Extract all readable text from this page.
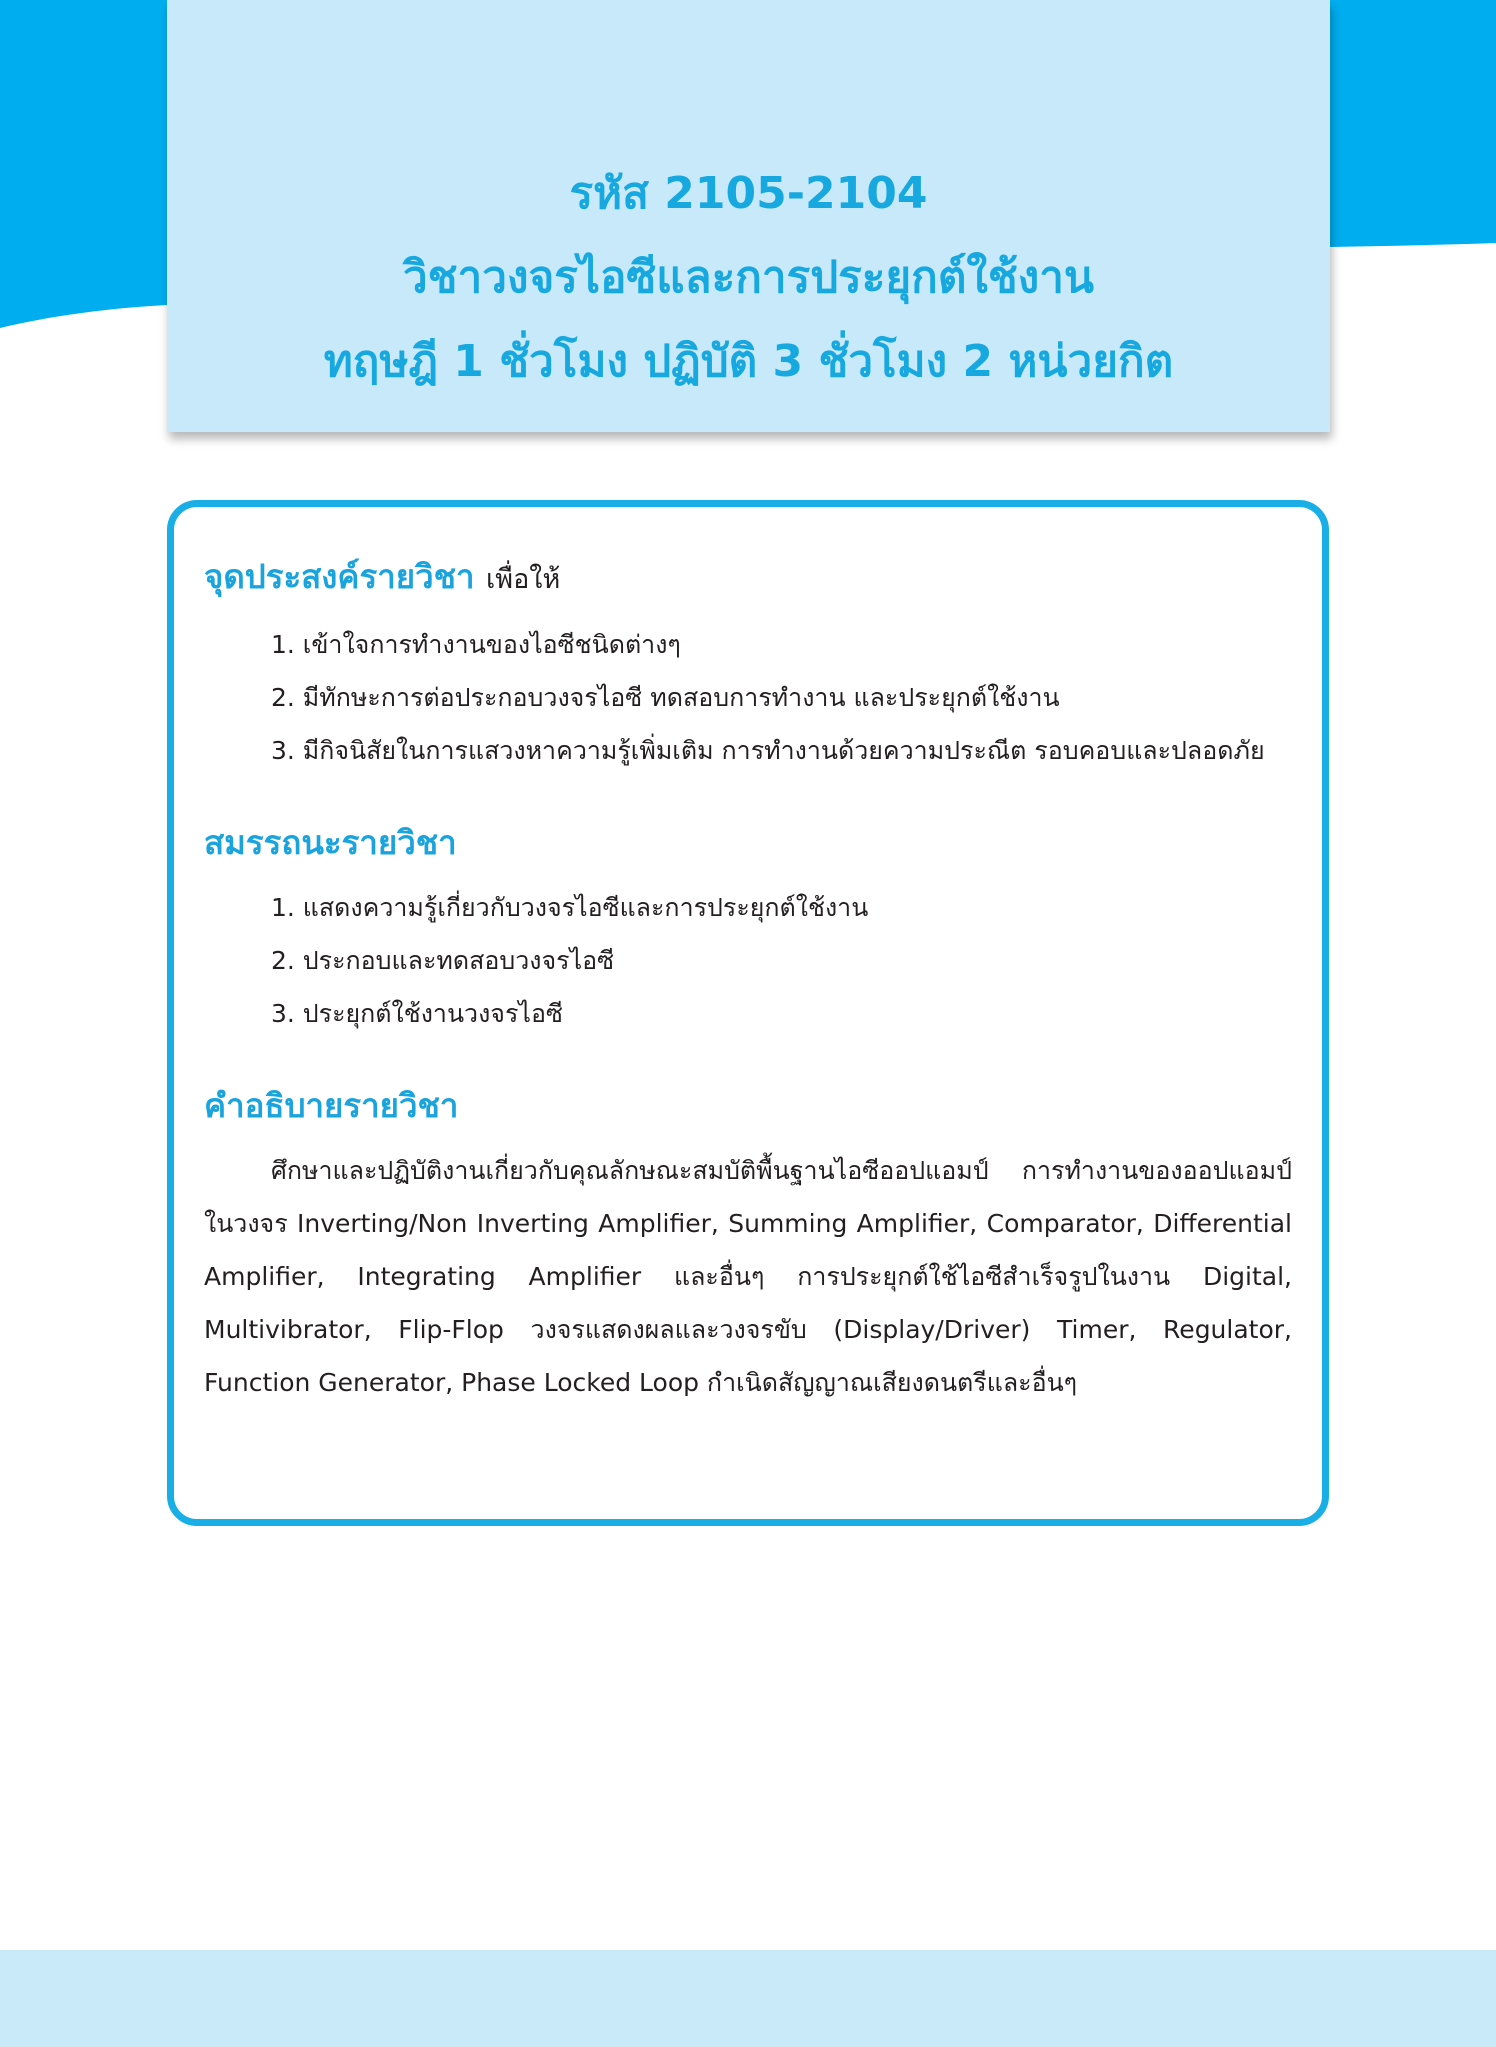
รหัส 2105-2104
วิชาวงจรไอซีและการประยุกต์ใช้งาน
ทฤษฎี 1 ชั่วโมง ปฏิบัติ 3 ชั่วโมง 2 หน่วยกิต
จุดประสงค์รายวิชา เพื่อให้
1. เข้าใจการทำงานของไอซีชนิดต่างๆ
2. มีทักษะการต่อประกอบวงจรไอซี ทดสอบการทำงาน และประยุกต์ใช้งาน
3. มีกิจนิสัยในการแสวงหาความรู้เพิ่มเติม การทำงานด้วยความประณีต รอบคอบและปลอดภัย
สมรรถนะรายวิชา
1. แสดงความรู้เกี่ยวกับวงจรไอซีและการประยุกต์ใช้งาน
2. ประกอบและทดสอบวงจรไอซี
3. ประยุกต์ใช้งานวงจรไอซี
คำอธิบายรายวิชา
ศึกษาและปฏิบัติงานเกี่ยวกับคุณลักษณะสมบัติพื้นฐานไอซีออปแอมป์ การทำงานของออปแอมป์ในวงจร Inverting/Non Inverting Amplifier, Summing Amplifier, Comparator, Differential Amplifier, Integrating Amplifier และอื่นๆ การประยุกต์ใช้ไอซีสำเร็จรูปในงาน Digital, Multivibrator, Flip-Flop วงจรแสดงผลและวงจรขับ (Display/Driver) Timer, Regulator, Function Generator, Phase Locked Loop กำเนิดสัญญาณเสียงดนตรีและอื่นๆ
